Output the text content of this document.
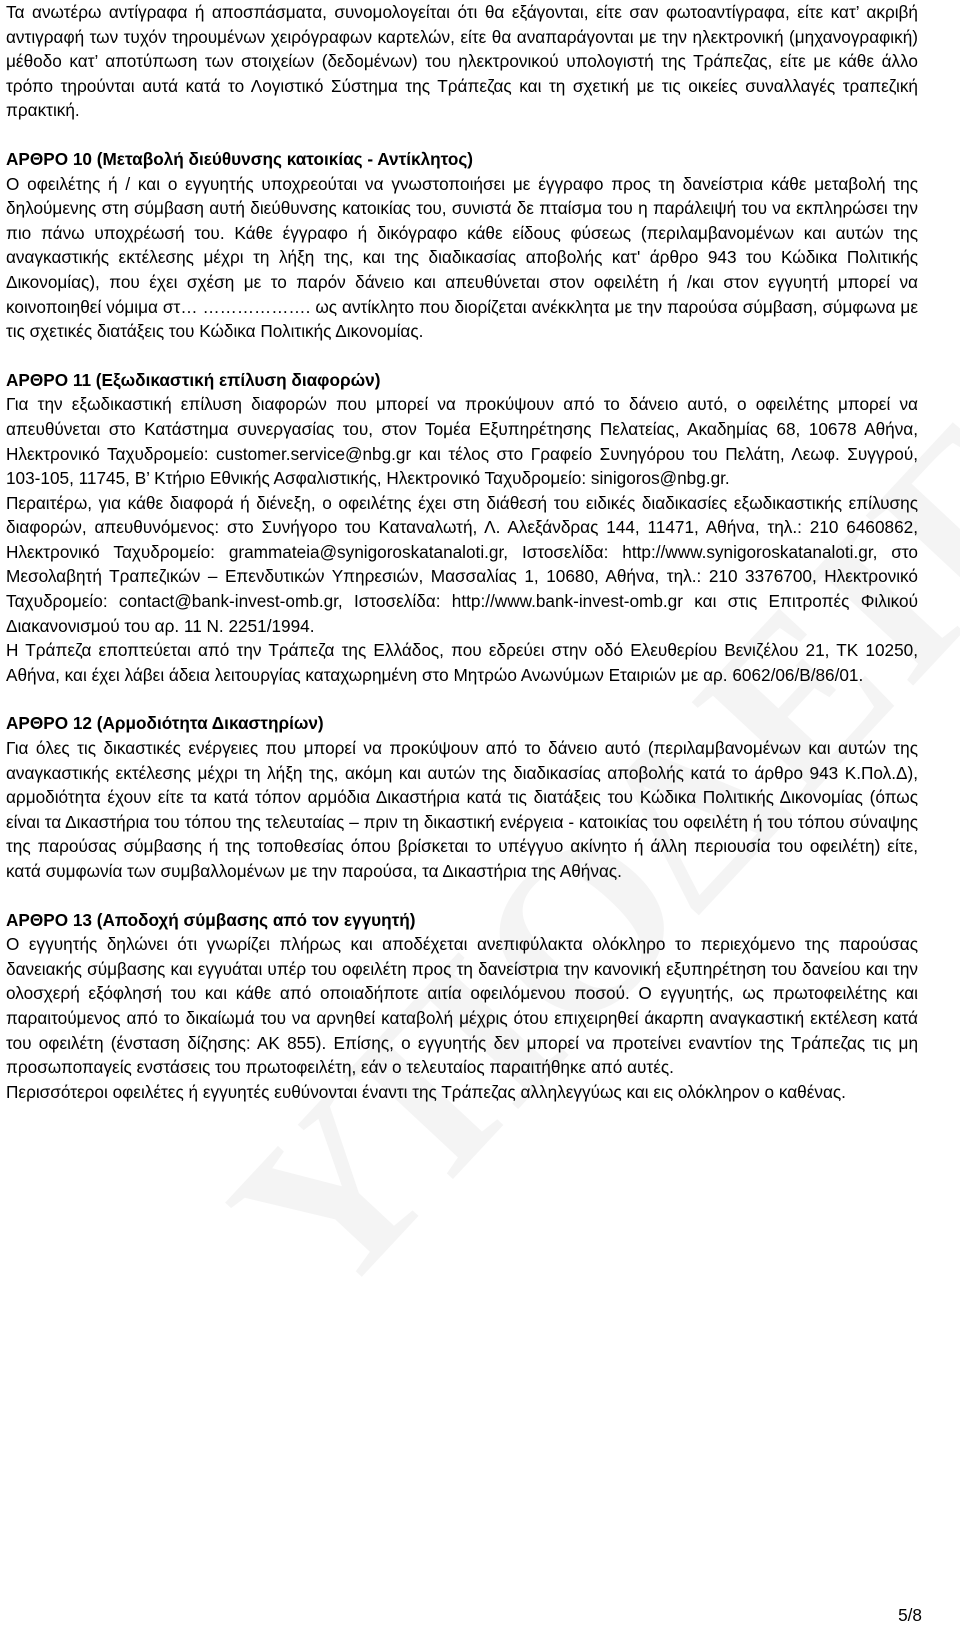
Τα ανωτέρω αντίγραφα ή αποσπάσματα, συνομολογείται ότι θα εξάγονται, είτε σαν φωτοαντίγραφα, είτε κατ’ ακριβή αντιγραφή των τυχόν τηρουμένων χειρόγραφων καρτελών, είτε θα αναπαράγονται με την ηλεκτρονική (μηχανογραφική) μέθοδο κατ’ αποτύπωση των στοιχείων (δεδομένων) του ηλεκτρονικού υπολογιστή της Τράπεζας, είτε με κάθε άλλο τρόπο τηρούνται αυτά κατά το Λογιστικό Σύστημα της Τράπεζας και τη σχετική με τις οικείες συναλλαγές τραπεζική πρακτική.

ΑΡΘΡΟ 10 (Μεταβολή διεύθυνσης κατοικίας - Αντίκλητος)

Ο οφειλέτης ή / και ο εγγυητής υποχρεούται να γνωστοποιήσει με έγγραφο προς τη δανείστρια κάθε μεταβολή της δηλούμενης στη σύμβαση αυτή διεύθυνσης κατοικίας του, συνιστά δε πταίσμα του η παράλειψή του να εκπληρώσει την πιο πάνω υποχρέωσή του. Κάθε έγγραφο ή δικόγραφο κάθε είδους φύσεως (περιλαμβανομένων και αυτών της αναγκαστικής εκτέλεσης μέχρι τη λήξη της, και της διαδικασίας αποβολής κατ' άρθρο 943 του Κώδικα Πολιτικής Δικονομίας), που έχει σχέση με το παρόν δάνειο και απευθύνεται στον οφειλέτη ή /και στον εγγυητή μπορεί να κοινοποιηθεί νόμιμα στ… ………………. ως αντίκλητο που διορίζεται ανέκκλητα με την παρούσα σύμβαση, σύμφωνα με τις σχετικές διατάξεις του Κώδικα Πολιτικής Δικονομίας.

ΑΡΘΡΟ 11 (Εξωδικαστική επίλυση διαφορών)

Για την εξωδικαστική επίλυση διαφορών που μπορεί να προκύψουν από το δάνειο αυτό, ο οφειλέτης μπορεί να απευθύνεται στο Κατάστημα συνεργασίας του, στον Τομέα Εξυπηρέτησης Πελατείας, Ακαδημίας 68, 10678 Αθήνα, Ηλεκτρονικό Ταχυδρομείο: customer.service@nbg.gr και τέλος στο Γραφείο Συνηγόρου του Πελάτη, Λεωφ. Συγγρού, 103-105, 11745, Β’ Κτήριο Εθνικής Ασφαλιστικής, Ηλεκτρονικό Ταχυδρομείο: sinigoros@nbg.gr.

Περαιτέρω, για κάθε διαφορά ή διένεξη, ο οφειλέτης έχει στη διάθεσή του ειδικές διαδικασίες εξωδικαστικής επίλυσης διαφορών, απευθυνόμενος: στο Συνήγορο του Καταναλωτή, Λ. Αλεξάνδρας 144, 11471, Αθήνα, τηλ.: 210 6460862, Ηλεκτρονικό Ταχυδρομείο: grammateia@synigoroskatanaloti.gr, Ιστοσελίδα: http://www.synigoroskatanaloti.gr, στο Μεσολαβητή Τραπεζικών – Επενδυτικών Υπηρεσιών, Μασσαλίας 1, 10680, Αθήνα, τηλ.: 210 3376700, Ηλεκτρονικό Ταχυδρομείο: contact@bank-invest-omb.gr, Ιστοσελίδα: http://www.bank-invest-omb.gr και στις Επιτροπές Φιλικού Διακανονισμού του αρ. 11 Ν. 2251/1994.

Η Τράπεζα εποπτεύεται από την Τράπεζα της Ελλάδος, που εδρεύει στην οδό Ελευθερίου Βενιζέλου 21, ΤΚ 10250, Αθήνα, και έχει λάβει άδεια λειτουργίας καταχωρημένη στο Μητρώο Ανωνύμων Εταιριών με αρ. 6062/06/Β/86/01.

ΑΡΘΡΟ 12 (Αρμοδιότητα Δικαστηρίων)

Για όλες τις δικαστικές ενέργειες που μπορεί να προκύψουν από το δάνειο αυτό (περιλαμβανομένων και αυτών της αναγκαστικής εκτέλεσης μέχρι τη λήξη της, ακόμη και αυτών της διαδικασίας αποβολής κατά το άρθρο 943 Κ.Πολ.Δ), αρμοδιότητα έχουν είτε τα κατά τόπον αρμόδια Δικαστήρια κατά τις διατάξεις του Κώδικα Πολιτικής Δικονομίας (όπως είναι τα Δικαστήρια του τόπου της τελευταίας – πριν τη δικαστική ενέργεια - κατοικίας του οφειλέτη ή του τόπου σύναψης της παρούσας σύμβασης ή της τοποθεσίας όπου βρίσκεται το υπέγγυο ακίνητο ή άλλη περιουσία του οφειλέτη) είτε, κατά συμφωνία των συμβαλλομένων με την παρούσα, τα Δικαστήρια της Αθήνας.

ΑΡΘΡΟ 13 (Αποδοχή σύμβασης από τον εγγυητή)

Ο εγγυητής δηλώνει ότι γνωρίζει πλήρως και αποδέχεται ανεπιφύλακτα ολόκληρο το περιεχόμενο της παρούσας δανειακής σύμβασης και εγγυάται υπέρ του οφειλέτη προς τη δανείστρια την κανονική εξυπηρέτηση του δανείου και την ολοσχερή εξόφλησή του και κάθε από οποιαδήποτε αιτία οφειλόμενου ποσού. Ο εγγυητής, ως πρωτοφειλέτης και παραιτούμενος από το δικαίωμά του να αρνηθεί καταβολή μέχρις ότου επιχειρηθεί άκαρπη αναγκαστική εκτέλεση κατά του οφειλέτη (ένσταση δίζησης: ΑΚ 855). Επίσης, ο εγγυητής δεν μπορεί να προτείνει εναντίον της Τράπεζας τις μη προσωποπαγείς ενστάσεις του πρωτοφειλέτη, εάν ο τελευταίος παραιτήθηκε από αυτές.

Περισσότεροι οφειλέτες ή εγγυητές ευθύνονται έναντι της Τράπεζας αλληλεγγύως και εις ολόκληρον ο καθένας.

5/8
